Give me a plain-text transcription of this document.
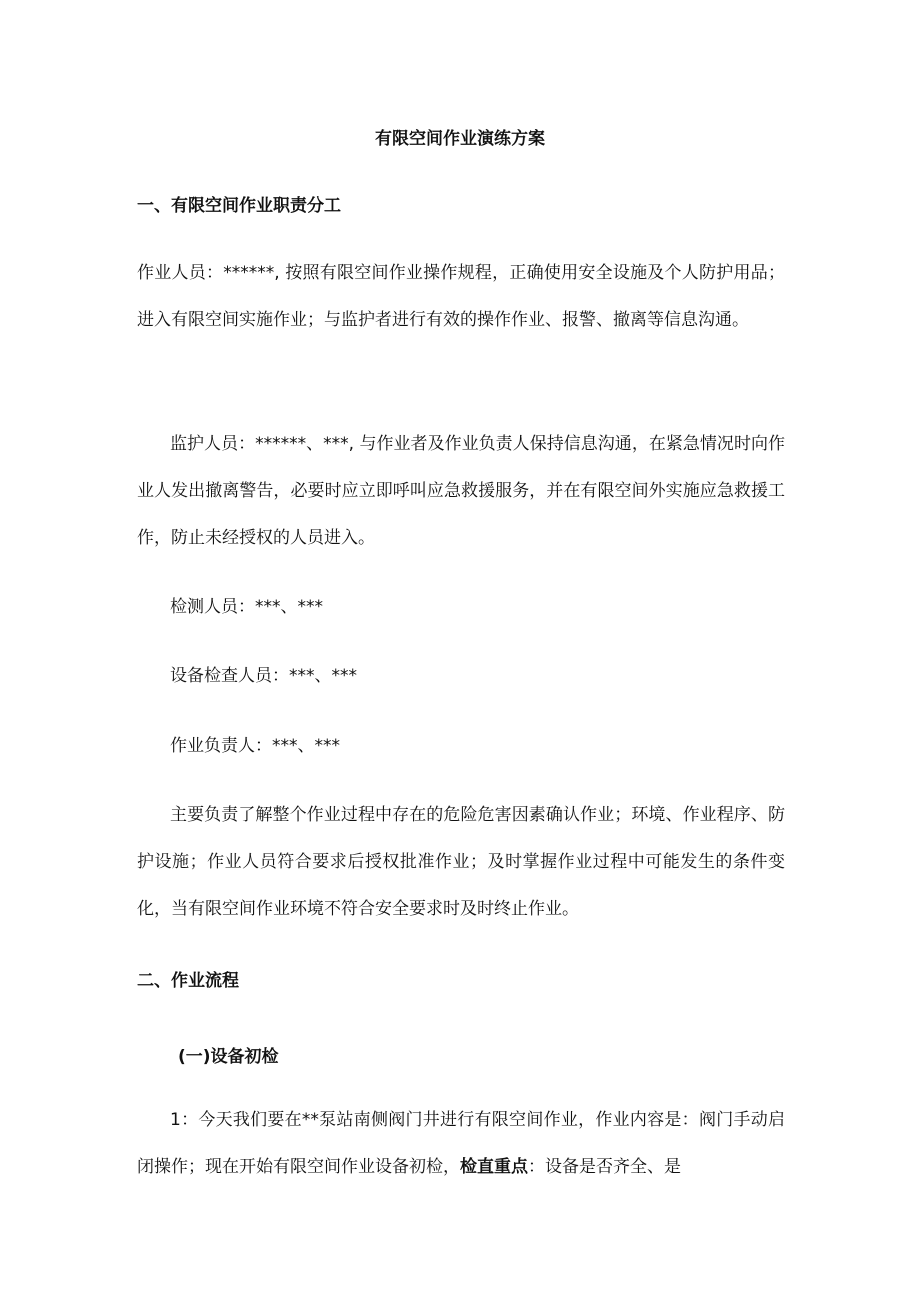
有限空间作业演练方案
一、有限空间作业职责分工
作业人员：******, 按照有限空间作业操作规程，正确使用安全设施及个人防护用品；进入有限空间实施作业；与监护者进行有效的操作作业、报警、撤离等信息沟通。
监护人员：******、***, 与作业者及作业负责人保持信息沟通，在紧急情况时向作业人发出撤离警告，必要时应立即呼叫应急救援服务，并在有限空间外实施应急救援工作，防止未经授权的人员进入。
检测人员：***、***
设备检查人员：***、***
作业负责人：***、***
主要负责了解整个作业过程中存在的危险危害因素确认作业；环境、作业程序、防护设施；作业人员符合要求后授权批准作业；及时掌握作业过程中可能发生的条件变化，当有限空间作业环境不符合安全要求时及时终止作业。
二、作业流程
(一)设备初检
1：今天我们要在**泵站南侧阀门井进行有限空间作业，作业内容是：阀门手动启闭操作；现在开始有限空间作业设备初检，检直重点：设备是否齐全、是
